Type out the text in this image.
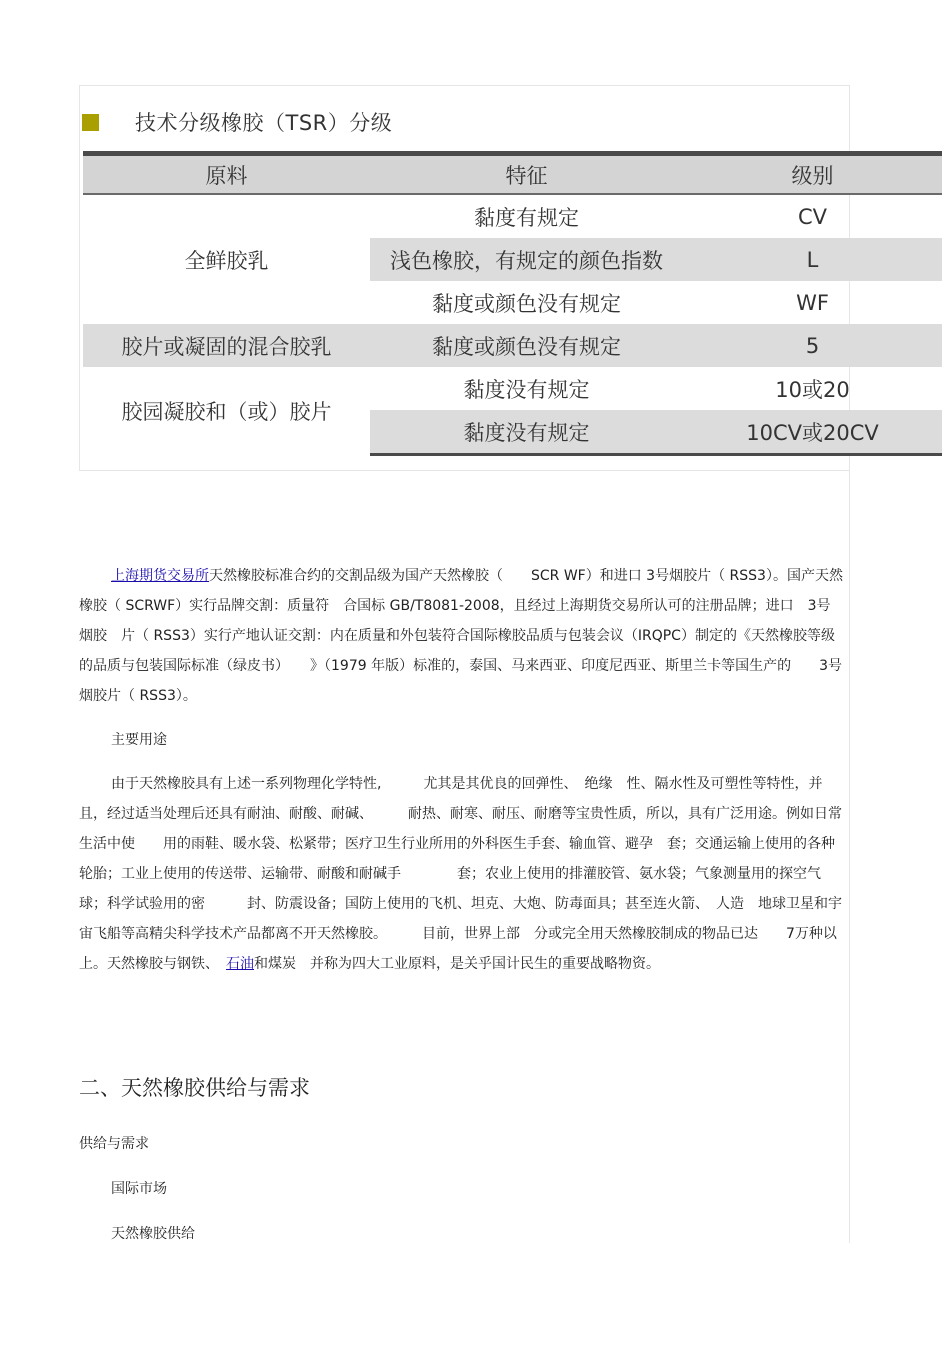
技术分级橡胶（TSR）分级
原料	特征	级别
全鲜胶乳	黏度有规定	CV
	浅色橡胶，有规定的颜色指数	L
	黏度或颜色没有规定	WF
胶片或凝固的混合胶乳	黏度或颜色没有规定	5
胶园凝胶和（或）胶片	黏度没有规定	10或20
	黏度没有规定	10CV或20CV
上海期货交易所天然橡胶标准合约的交割品级为国产天然橡胶（　　SCR WF）和进口 3号烟胶片（ RSS3）。国产天然橡胶（ SCRWF）实行品牌交割：质量符　合国标 GB/T8081-2008，且经过上海期货交易所认可的注册品牌；进口　3号烟胶　片（ RSS3）实行产地认证交割：内在质量和外包装符合国际橡胶品质与包装会议（IRQPC）制定的《天然橡胶等级的品质与包装国际标准（绿皮书）　　》（1979 年版）标准的，泰国、马来西亚、印度尼西亚、斯里兰卡等国生产的　　3号烟胶片（ RSS3）。
主要用途
由于天然橡胶具有上述一系列物理化学特性,　　　尤其是其优良的回弹性、　绝缘　性、隔水性及可塑性等特性，并且，经过适当处理后还具有耐油、耐酸、耐碱、　　　耐热、耐寒、耐压、耐磨等宝贵性质，所以，具有广泛用途。例如日常生活中使　　用的雨鞋、暖水袋、松紧带；医疗卫生行业所用的外科医生手套、输血管、避孕　套；交通运输上使用的各种轮胎；工业上使用的传送带、运输带、耐酸和耐碱手　　　　套；农业上使用的排灌胶管、氨水袋；气象测量用的探空气球；科学试验用的密　　　封、防震设备；国防上使用的飞机、坦克、大炮、防毒面具；甚至连火箭、　人造　地球卫星和宇宙飞船等高精尖科学技术产品都离不开天然橡胶。　　　目前，世界上部　分或完全用天然橡胶制成的物品已达　　7万种以上。天然橡胶与钢铁、　石油和煤炭　并称为四大工业原料，是关乎国计民生的重要战略物资。
二、天然橡胶供给与需求
供给与需求
国际市场
天然橡胶供给
